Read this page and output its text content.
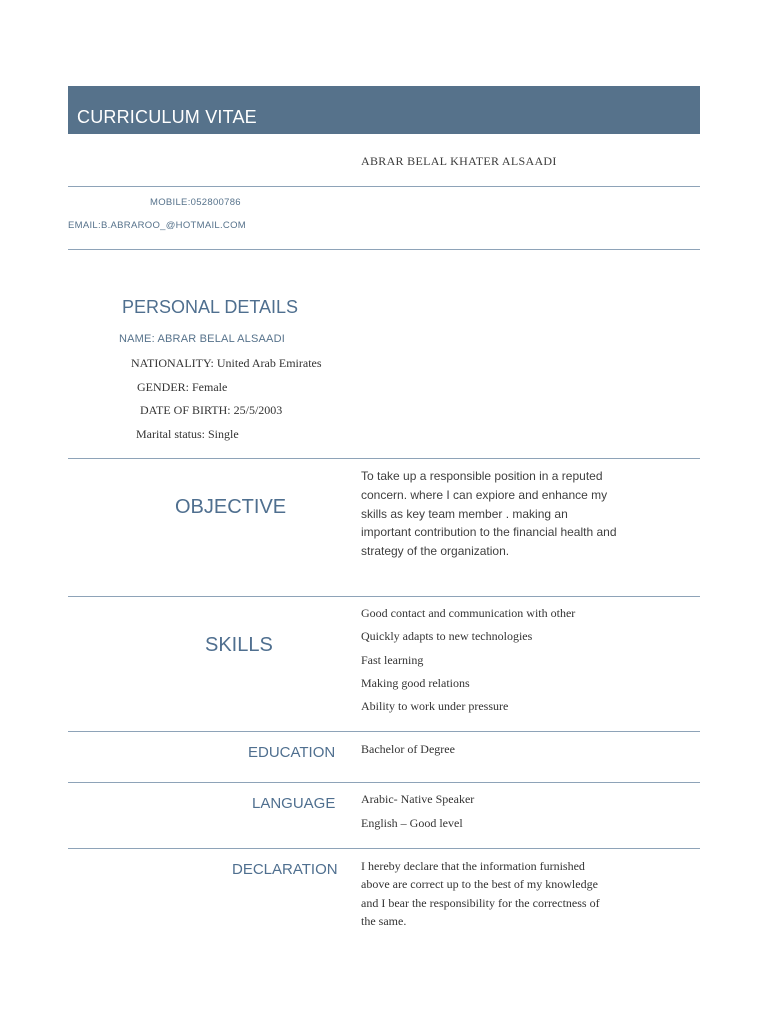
CURRICULUM VITAE
ABRAR BELAL KHATER ALSAADI
MOBILE:052800786
EMAIL:B.ABRAROO_@HOTMAIL.COM
PERSONAL DETAILS
NAME: ABRAR BELAL ALSAADI
NATIONALITY: United Arab Emirates
GENDER: Female
DATE OF BIRTH: 25/5/2003
Marital status: Single
OBJECTIVE
To take up a responsible position in a reputed concern. where I can expiore and enhance my skills as key team member . making an important contribution to the financial health and strategy of the organization.
SKILLS
Good contact and communication with other
Quickly adapts to new technologies
Fast learning
Making good relations
Ability to work under pressure
EDUCATION Bachelor of Degree
LANGUAGE Arabic- Native Speaker
English – Good level
DECLARATION I hereby declare that the information furnished above are correct up to the best of my knowledge and I bear the responsibility for the correctness of the same.
